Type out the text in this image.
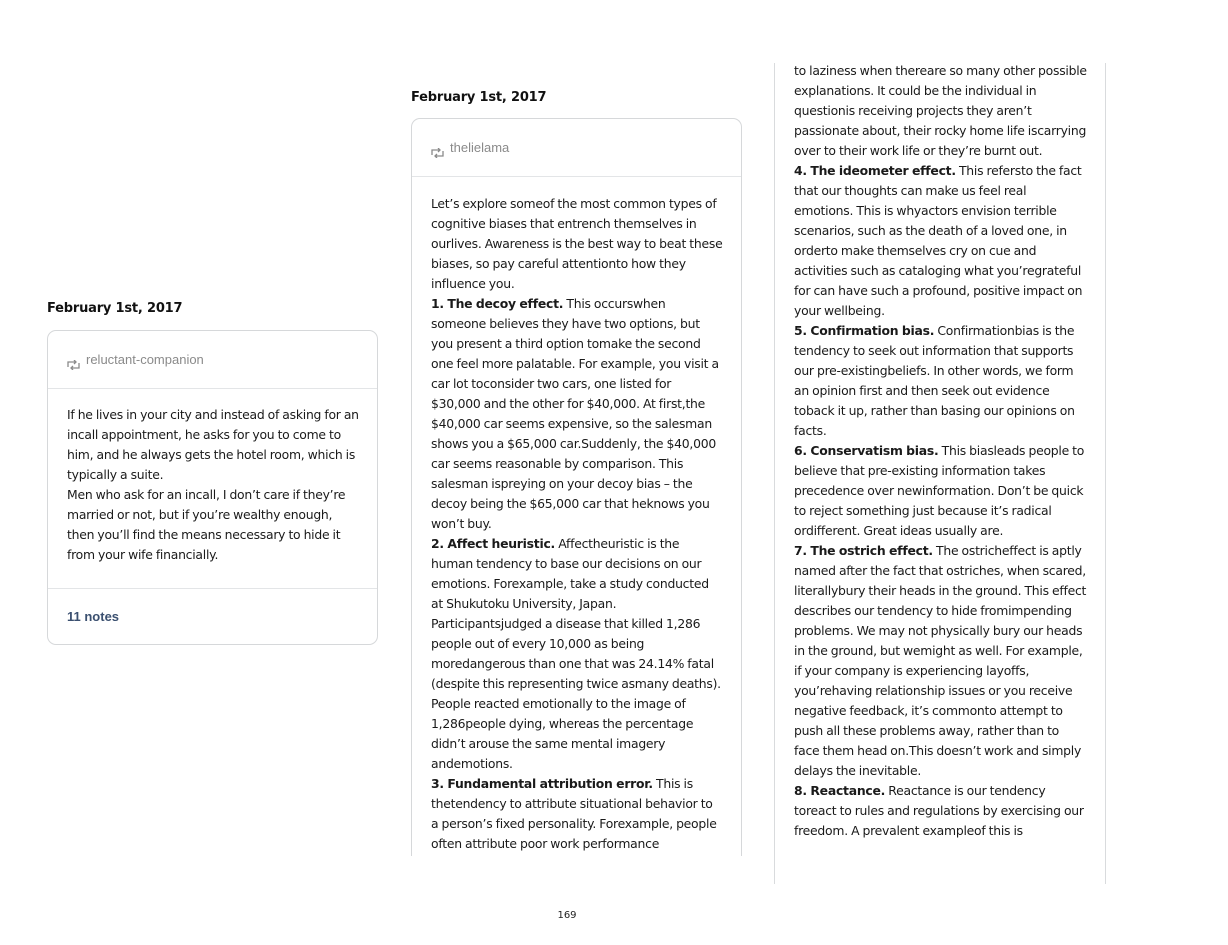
February 1st, 2017
reluctant-companion

If he lives in your city and instead of asking for an incall appointment, he asks for you to come to him, and he always gets the hotel room, which is typically a suite.

Men who ask for an incall, I don’t care if they’re married or not, but if you’re wealthy enough, then you’ll find the means necessary to hide it from your wife financially.

11 notes
February 1st, 2017
thelielama

Let’s explore someof the most common types of cognitive biases that entrench themselves in ourlives. Awareness is the best way to beat these biases, so pay careful attentionto how they influence you.

1. The decoy effect. This occurswhen someone believes they have two options, but you present a third option tomake the second one feel more palatable. For example, you visit a car lot toconsider two cars, one listed for $30,000 and the other for $40,000. At first,the $40,000 car seems expensive, so the salesman shows you a $65,000 car.Suddenly, the $40,000 car seems reasonable by comparison. This salesman ispreying on your decoy bias – the decoy being the $65,000 car that heknows you won’t buy.

2. Affect heuristic. Affectheuristic is the human tendency to base our decisions on our emotions. Forexample, take a study conducted at Shukutoku University, Japan. Participantsjudged a disease that killed 1,286 people out of every 10,000 as being moredangerous than one that was 24.14% fatal (despite this representing twice asmany deaths). People reacted emotionally to the image of 1,286people dying, whereas the percentage didn’t arouse the same mental imagery andemotions.

3. Fundamental attribution error. This is thetendency to attribute situational behavior to a person’s fixed personality. Forexample, people often attribute poor work performance

to laziness when thereare so many other possible explanations. It could be the individual in questionis receiving projects they aren’t passionate about, their rocky home life iscarrying over to their work life or they’re burnt out.

4. The ideometer effect. This refersto the fact that our thoughts can make us feel real emotions. This is whyactors envision terrible scenarios, such as the death of a loved one, in orderto make themselves cry on cue and activities such as cataloging what you’regrateful for can have such a profound, positive impact on your wellbeing.

5. Confirmation bias. Confirmationbias is the tendency to seek out information that supports our pre-existingbeliefs. In other words, we form an opinion first and then seek out evidence toback it up, rather than basing our opinions on facts.

6. Conservatism bias. This biasleads people to believe that pre-existing information takes precedence over newinformation. Don’t be quick to reject something just because it’s radical ordifferent. Great ideas usually are.

7. The ostrich effect. The ostricheffect is aptly named after the fact that ostriches, when scared, literallybury their heads in the ground. This effect describes our tendency to hide fromimpending problems. We may not physically bury our heads in the ground, but wemight as well. For example, if your company is experiencing layoffs, you’rehaving relationship issues or you receive negative feedback, it’s commonto attempt to push all these problems away, rather than to face them head on.This doesn’t work and simply delays the inevitable.

8. Reactance. Reactance is our tendency toreact to rules and regulations by exercising our freedom. A prevalent exampleof this is

169
